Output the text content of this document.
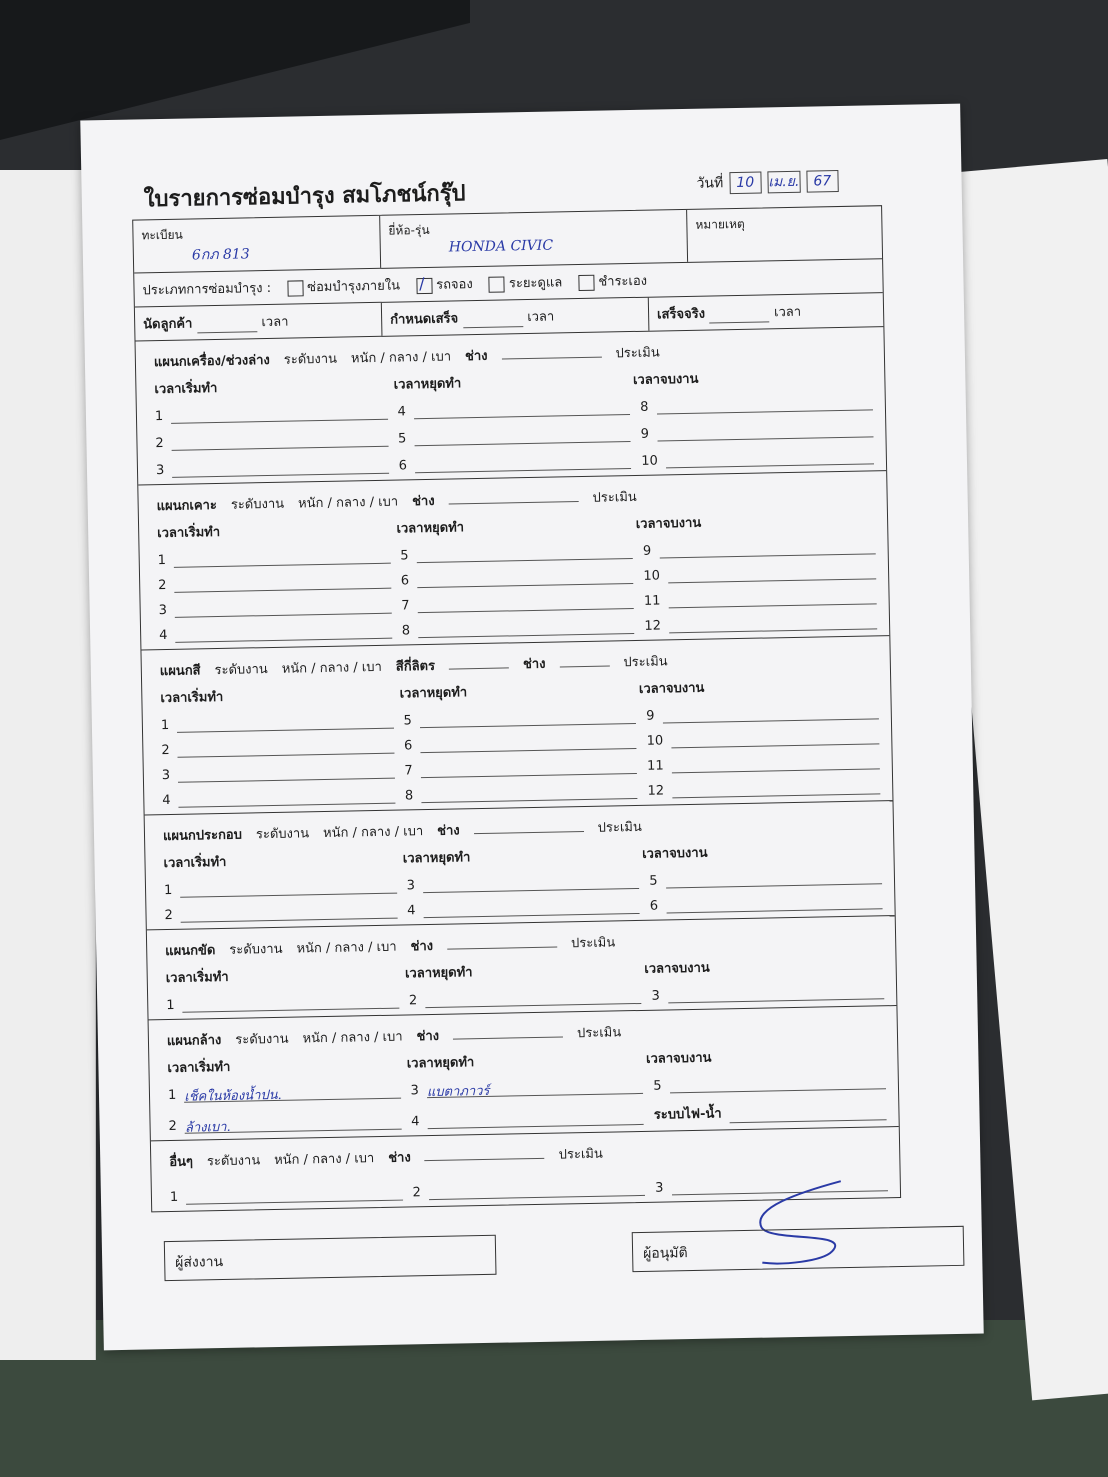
ใบรายการซ่อมบำรุง สมโภชน์กรุ๊ป	วันที่ 10 เม.ย. 67
ทะเบียน
6กภ 813
ยี่ห้อ-รุ่น
HONDA CIVIC
หมายเหตุ
ประเภทการซ่อมบำรุง :	ซ่อมบำรุงภายใน /	รถจอง	ระยะดูแล	ชำระเอง
นัดลูกค้า	เวลา	กำหนดเสร็จ	เวลา	เสร็จจริง	เวลา
แผนกเครื่อง/ช่วงล่าง ระดับงาน หนัก / กลาง / เบา ช่าง	ประเมิน
เวลาเริ่มทำ	เวลาหยุดทำ	เวลาจบงาน
1	4	8
2	5	9
3	6	10
แผนกเคาะ ระดับงาน หนัก / กลาง / เบา ช่าง	ประเมิน
เวลาเริ่มทำ	เวลาหยุดทำ	เวลาจบงาน
1	5	9
2	6	10
3	7	11
4	8	12
แผนกสี ระดับงาน หนัก / กลาง / เบา สีกี่ลิตร	ช่าง	ประเมิน
เวลาเริ่มทำ	เวลาหยุดทำ	เวลาจบงาน
1	5	9
2	6	10
3	7	11
4	8	12
แผนกประกอบ ระดับงาน หนัก / กลาง / เบา ช่าง	ประเมิน
เวลาเริ่มทำ	เวลาหยุดทำ	เวลาจบงาน
1	3	5
2	4	6
แผนกขัด ระดับงาน หนัก / กลาง / เบา ช่าง	ประเมิน
เวลาเริ่มทำ	เวลาหยุดทำ	เวลาจบงาน
1	2	3
แผนกล้าง ระดับงาน หนัก / กลาง / เบา ช่าง	ประเมิน
เวลาเริ่มทำ	เวลาหยุดทำ	เวลาจบงาน
1 เช็คในห้องน้ำปน.	3 แบตาภาวร์	5
2 ล้างเบา.	4	ระบบไฟ-น้ำ
อื่นๆ ระดับงาน หนัก / กลาง / เบา ช่าง	ประเมิน
1	2	3
ผู้ส่งงาน
ผู้อนุมัติ
